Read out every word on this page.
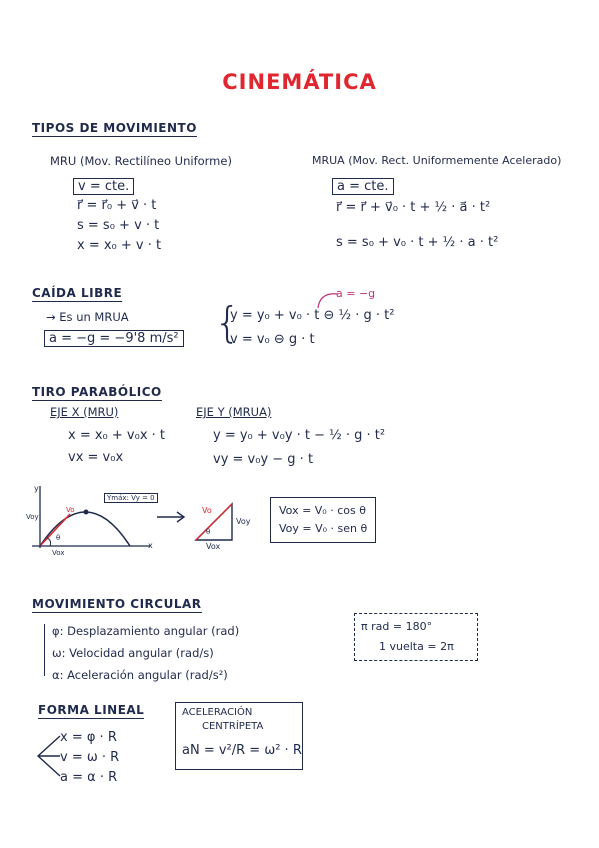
CINEMÁTICA
TIPOS DE MOVIMIENTO
MRU (Mov. Rectilíneo Uniforme)
v = cte.
r⃗ = r⃗₀ + v⃗ · t
s = s₀ + v · t
x = x₀ + v · t
MRUA (Mov. Rect. Uniformemente Acelerado)
a = cte.
r⃗ = r⃗ + v⃗₀ · t + ½ · a⃗ · t²
s = s₀ + v₀ · t + ½ · a · t²
CAÍDA LIBRE
→ Es un MRUA
a = −g = −9'8 m/s² {
a = −g
y = y₀ + v₀ · t ⊖ ½ · g · t²
v = v₀ ⊖ g · t
TIRO PARABÓLICO
EJE X (MRU)
x = x₀ + v₀x · t
vx = v₀x
EJE Y (MRUA)
y = y₀ + v₀y · t − ½ · g · t²
vy = v₀y − g · t
y
x
Voy
Vo
θ
Vox
Ymáx: Vy = 0
Vo
Voy
Vox
θ
Vox = V₀ · cos θ
Voy = V₀ · sen θ
MOVIMIENTO CIRCULAR
φ: Desplazamiento angular (rad)
ω: Velocidad angular (rad/s)
α: Aceleración angular (rad/s²)
π rad = 180°
1 vuelta = 2π
FORMA LINEAL
x = φ · R
v = ω · R
a = α · R
ACELERACIÓN
CENTRÍPETA
aN = v²/R = ω² · R
